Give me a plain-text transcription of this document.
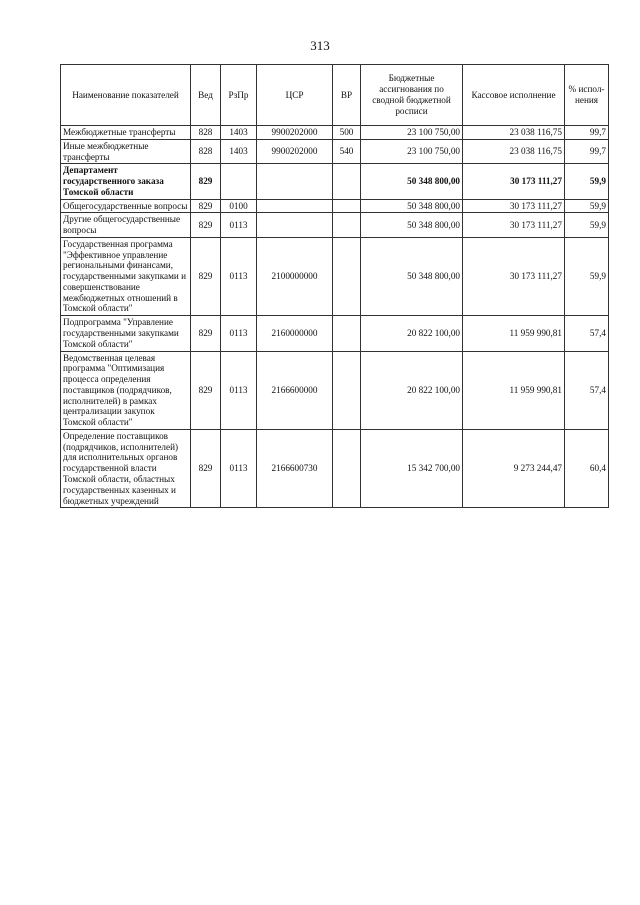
313
Наименование показателей	Вед	РзПр	ЦСР	ВР	Бюджетные ассигнования по сводной бюджетной росписи	Кассовое исполнение	% испол-нения
Межбюджетные трансферты	828	1403	9900202000	500	23 100 750,00	23 038 116,75	99,7
Иные межбюджетные трансферты	828	1403	9900202000	540	23 100 750,00	23 038 116,75	99,7
Департамент государственного заказа Томской области	829				50 348 800,00	30 173 111,27	59,9
Общегосударственные вопросы	829	0100			50 348 800,00	30 173 111,27	59,9
Другие общегосударственные вопросы	829	0113			50 348 800,00	30 173 111,27	59,9
Государственная программа "Эффективное управление региональными финансами, государственными закупками и совершенствование межбюджетных отношений в Томской области"	829	0113	2100000000		50 348 800,00	30 173 111,27	59,9
Подпрограмма "Управление государственными закупками Томской области"	829	0113	2160000000		20 822 100,00	11 959 990,81	57,4
Ведомственная целевая программа "Оптимизация процесса определения поставщиков (подрядчиков, исполнителей) в рамках централизации закупок Томской области"	829	0113	2166600000		20 822 100,00	11 959 990,81	57,4
Определение поставщиков (подрядчиков, исполнителей) для исполнительных органов государственной власти Томской области, областных государственных казенных и бюджетных учреждений	829	0113	2166600730		15 342 700,00	9 273 244,47	60,4
